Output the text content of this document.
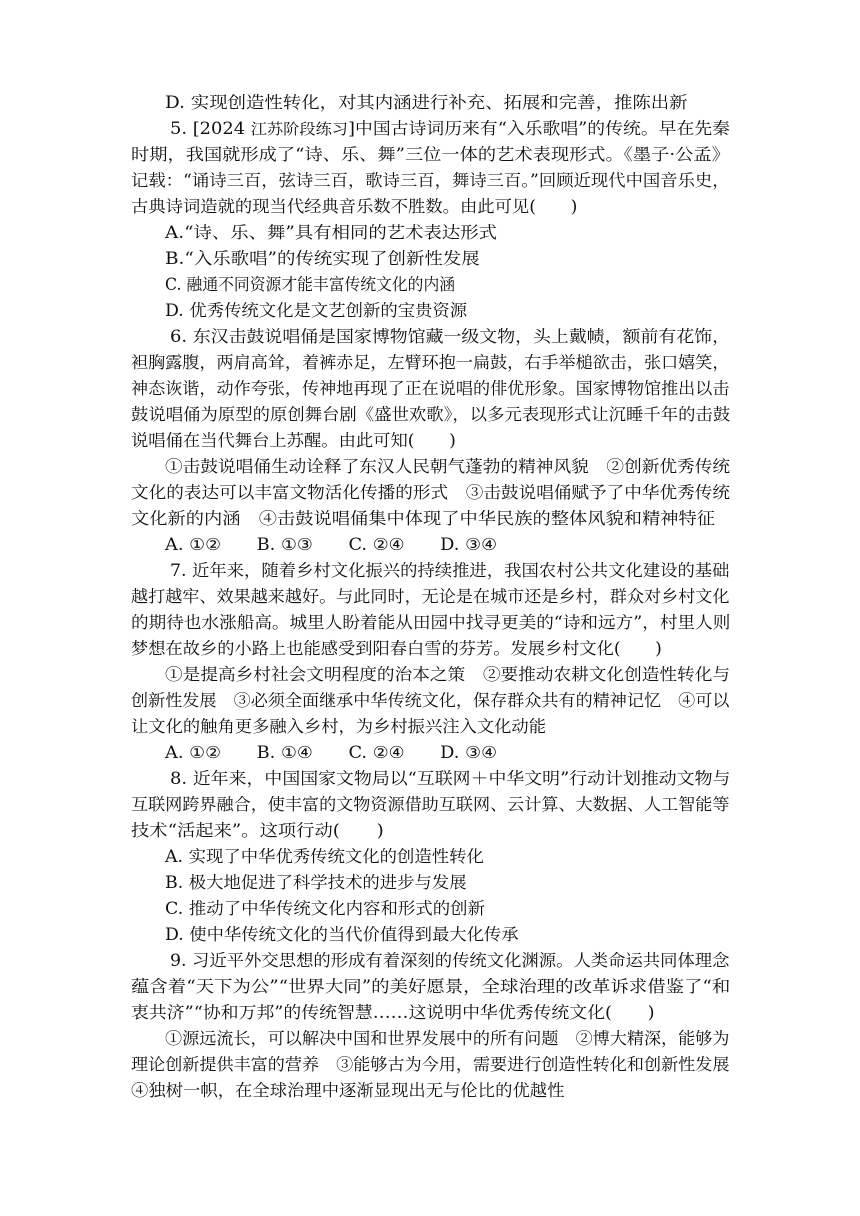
D. 实现创造性转化，对其内涵进行补充、拓展和完善，推陈出新
5. [2024 江苏阶段练习]中国古诗词历来有“入乐歌唱”的传统。早在先秦
时期，我国就形成了“诗、乐、舞”三位一体的艺术表现形式。《墨子·公孟》
记载：“诵诗三百，弦诗三百，歌诗三百，舞诗三百。”回顾近现代中国音乐史，
古典诗词造就的现当代经典音乐数不胜数。由此可见(　　)
A.“诗、乐、舞”具有相同的艺术表达形式
B.“入乐歌唱”的传统实现了创新性发展
C. 融通不同资源才能丰富传统文化的内涵
D. 优秀传统文化是文艺创新的宝贵资源
6. 东汉击鼓说唱俑是国家博物馆藏一级文物，头上戴帻，额前有花饰，
袒胸露腹，两肩高耸，着裤赤足，左臂环抱一扁鼓，右手举槌欲击，张口嬉笑，
神态诙谐，动作夸张，传神地再现了正在说唱的俳优形象。国家博物馆推出以击
鼓说唱俑为原型的原创舞台剧《盛世欢歌》，以多元表现形式让沉睡千年的击鼓
说唱俑在当代舞台上苏醒。由此可知(　　)
①击鼓说唱俑生动诠释了东汉人民朝气蓬勃的精神风貌　②创新优秀传统
文化的表达可以丰富文物活化传播的形式　③击鼓说唱俑赋予了中华优秀传统
文化新的内涵　④击鼓说唱俑集中体现了中华民族的整体风貌和精神特征
A. ①②　　B. ①③　　C. ②④　　D. ③④
7. 近年来，随着乡村文化振兴的持续推进，我国农村公共文化建设的基础
越打越牢、效果越来越好。与此同时，无论是在城市还是乡村，群众对乡村文化
的期待也水涨船高。城里人盼着能从田园中找寻更美的“诗和远方”，村里人则
梦想在故乡的小路上也能感受到阳春白雪的芬芳。发展乡村文化(　　)
①是提高乡村社会文明程度的治本之策　②要推动农耕文化创造性转化与
创新性发展　③必须全面继承中华传统文化，保存群众共有的精神记忆　④可以
让文化的触角更多融入乡村，为乡村振兴注入文化动能
A. ①②　　B. ①④　　C. ②④　　D. ③④
8. 近年来，中国国家文物局以“互联网＋中华文明”行动计划推动文物与
互联网跨界融合，使丰富的文物资源借助互联网、云计算、大数据、人工智能等
技术“活起来”。这项行动(　　)
A. 实现了中华优秀传统文化的创造性转化
B. 极大地促进了科学技术的进步与发展
C. 推动了中华传统文化内容和形式的创新
D. 使中华传统文化的当代价值得到最大化传承
9. 习近平外交思想的形成有着深刻的传统文化渊源。人类命运共同体理念
蕴含着“天下为公”“世界大同”的美好愿景，全球治理的改革诉求借鉴了“和
衷共济”“协和万邦”的传统智慧……这说明中华优秀传统文化(　　)
①源远流长，可以解决中国和世界发展中的所有问题　②博大精深，能够为
理论创新提供丰富的营养　③能够古为今用，需要进行创造性转化和创新性发展
④独树一帜，在全球治理中逐渐显现出无与伦比的优越性
